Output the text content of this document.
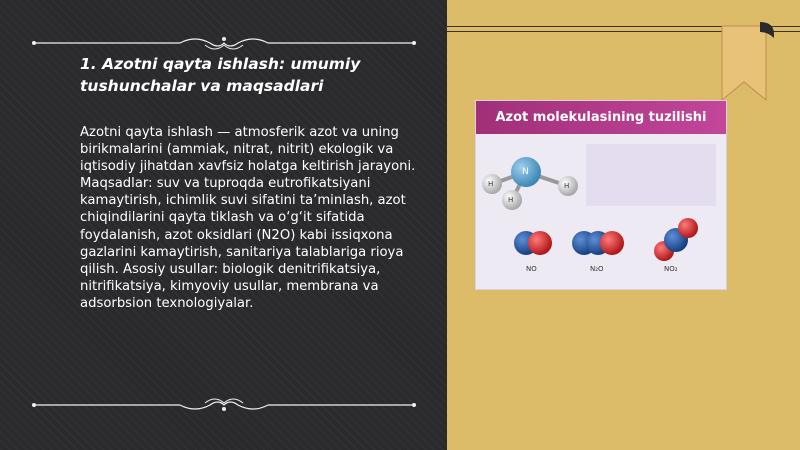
1. Azotni qayta ishlash: umumiy tushunchalar va maqsadlari

Azotni qayta ishlash — atmosferik azot va uning birikmalarini (ammiak, nitrat, nitrit) ekologik va iqtisodiy jihatdan xavfsiz holatga keltirish jarayoni. Maqsadlar: suv va tuproqda eutrofikatsiyani kamaytirish, ichimlik suvi sifatini ta’minlash, azot chiqindilarini qayta tiklash va o‘g‘it sifatida foydalanish, azot oksidlari (N2O) kabi issiqxona gazlarini kamaytirish, sanitariya talablariga rioya qilish. Asosiy usullar: biologik denitrifikatsiya, nitrifikatsiya, kimyoviy usullar, membrana va adsorbsion texnologiyalar.

Azot molekulasining tuzilishi
H
N
H
H
NO	N₂O	NO₂
